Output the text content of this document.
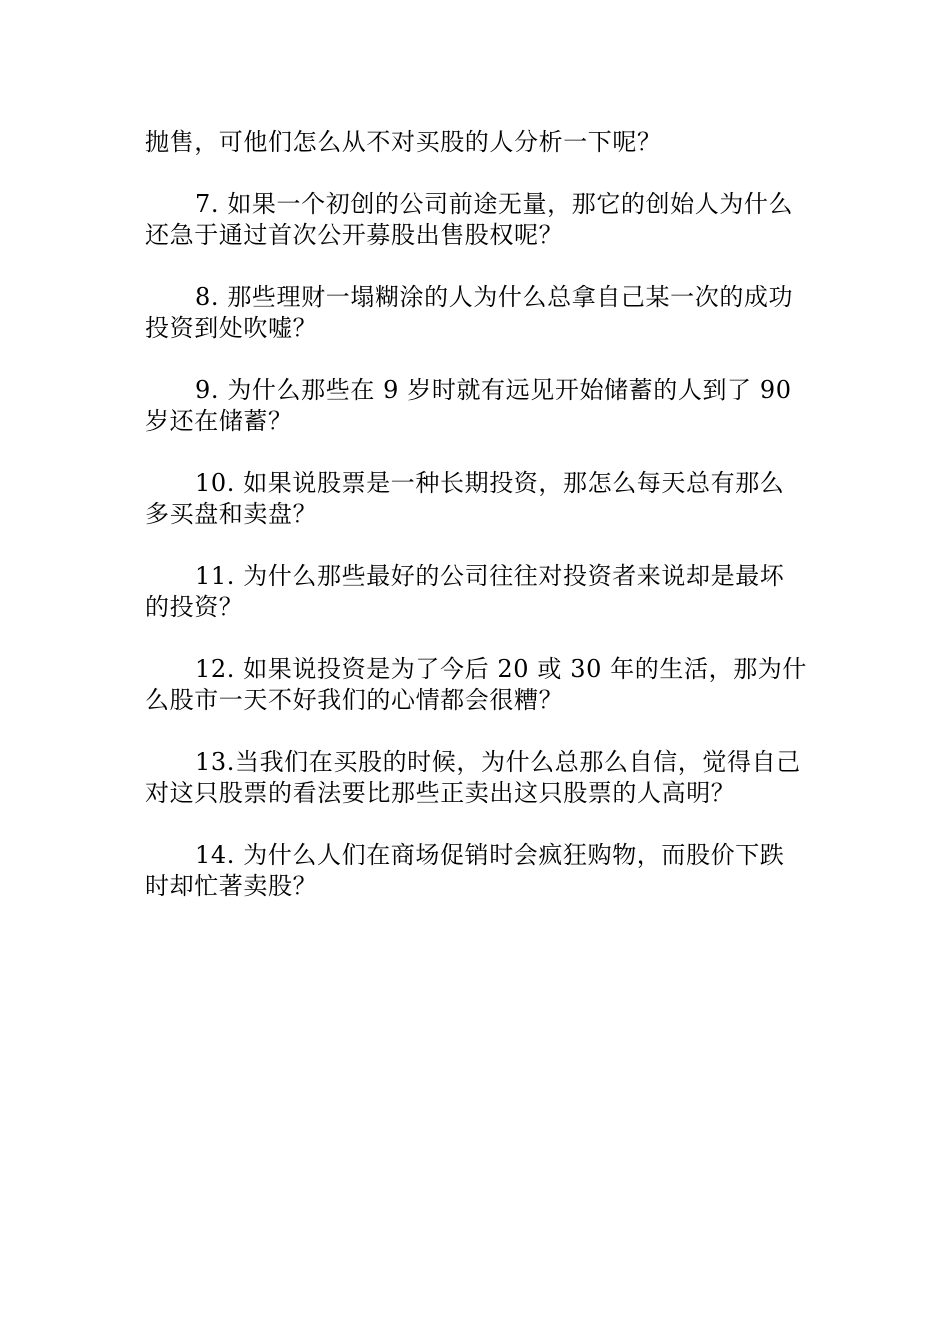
抛售，可他们怎么从不对买股的人分析一下呢？

7. 如果一个初创的公司前途无量，那它的创始人为什么还急于通过首次公开募股出售股权呢？

8. 那些理财一塌糊涂的人为什么总拿自己某一次的成功投资到处吹嘘？

9. 为什么那些在 9 岁时就有远见开始储蓄的人到了 90 岁还在储蓄？

10. 如果说股票是一种长期投资，那怎么每天总有那么多买盘和卖盘？

11. 为什么那些最好的公司往往对投资者来说却是最坏的投资？

12. 如果说投资是为了今后 20 或 30 年的生活，那为什么股市一天不好我们的心情都会很糟？

13.当我们在买股的时候，为什么总那么自信，觉得自己对这只股票的看法要比那些正卖出这只股票的人高明？

14. 为什么人们在商场促销时会疯狂购物，而股价下跌时却忙著卖股？
